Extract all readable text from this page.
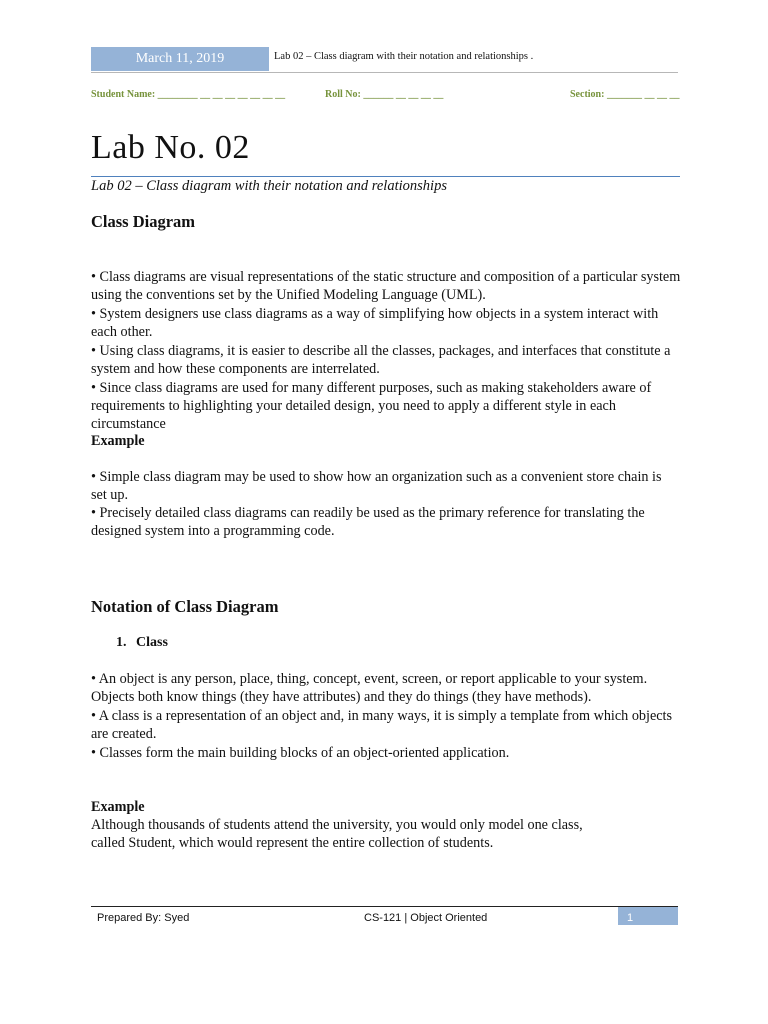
March 11, 2019	Lab 02 – Class diagram with their notation and relationships .
Student Name: ________ __ __ __ __ __ __ __	Roll No: ______ __ __ __ __	Section: _______ __ __ __
Lab No. 02
Lab 02 – Class diagram with their notation and relationships
Class Diagram

• Class diagrams are visual representations of the static structure and composition of a particular system using the conventions set by the Unified Modeling Language (UML).

• System designers use class diagrams as a way of simplifying how objects in a system interact with each other.

• Using class diagrams, it is easier to describe all the classes, packages, and interfaces that constitute a system and how these components are interrelated.

• Since class diagrams are used for many different purposes, such as making stakeholders aware of requirements to highlighting your detailed design, you need to apply a different style in each circumstance

Example

• Simple class diagram may be used to show how an organization such as a convenient store chain is

set up.

• Precisely detailed class diagrams can readily be used as the primary reference for translating the

designed system into a programming code.

Notation of Class Diagram
1. Class

• An object is any person, place, thing, concept, event, screen, or report applicable to your system.

Objects both know things (they have attributes) and they do things (they have methods).

• A class is a representation of an object and, in many ways, it is simply a template from which objects are created.

• Classes form the main building blocks of an object-oriented application.

Example

Although thousands of students attend the university, you would only model one class,

called Student, which would represent the entire collection of students.

Prepared By: Syed	CS-121 | Object Oriented	1
